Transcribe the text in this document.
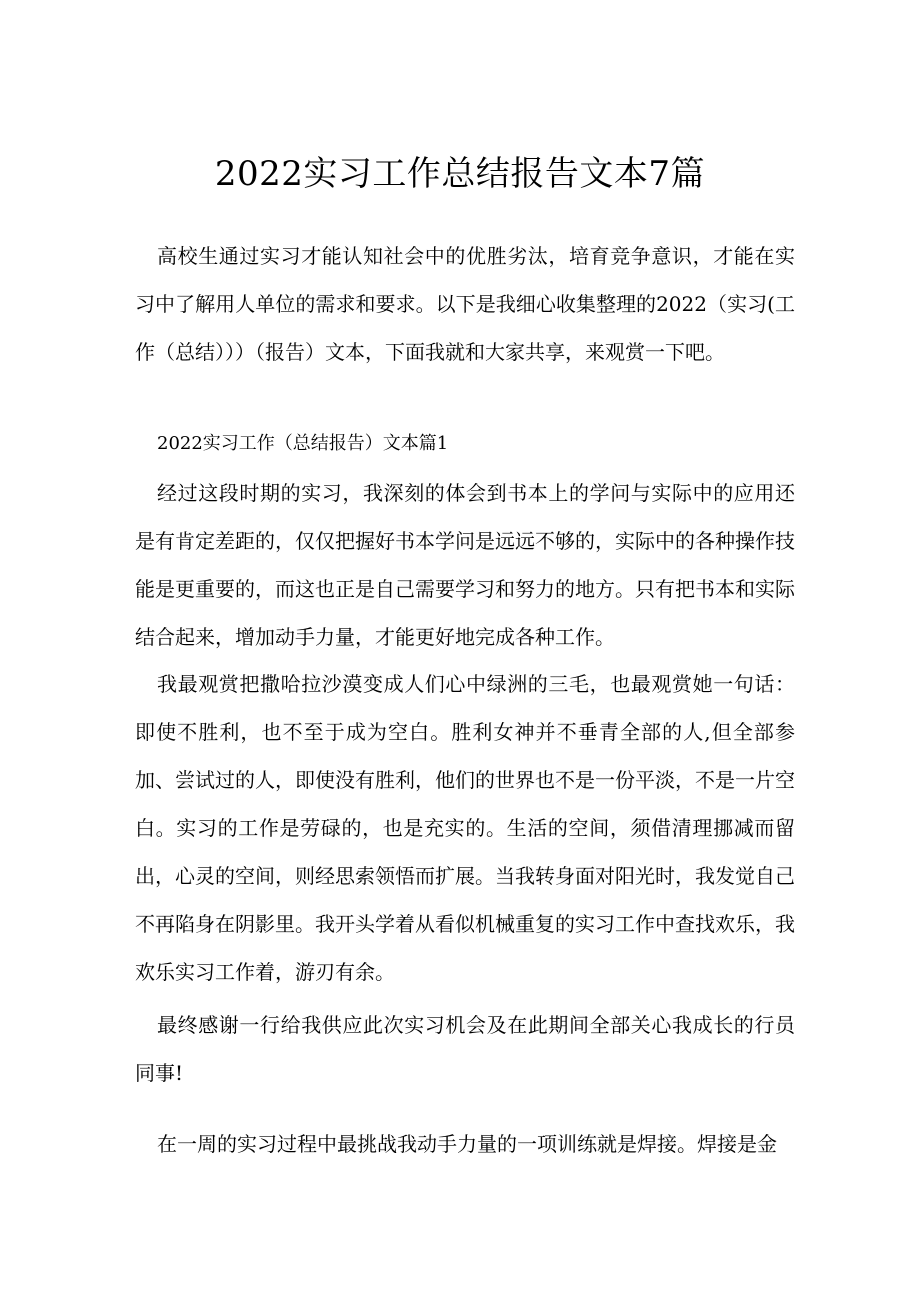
2022实习工作总结报告文本7篇

高校生通过实习才能认知社会中的优胜劣汰，培育竞争意识，才能在实习中了解用人单位的需求和要求。以下是我细心收集整理的2022（实习(工作（总结）））（报告）文本，下面我就和大家共享，来观赏一下吧。

2022实习工作（总结报告）文本篇1

经过这段时期的实习，我深刻的体会到书本上的学问与实际中的应用还是有肯定差距的，仅仅把握好书本学问是远远不够的，实际中的各种操作技能是更重要的，而这也正是自己需要学习和努力的地方。只有把书本和实际结合起来，增加动手力量，才能更好地完成各种工作。

我最观赏把撒哈拉沙漠变成人们心中绿洲的三毛，也最观赏她一句话：即使不胜利，也不至于成为空白。胜利女神并不垂青全部的人,但全部参加、尝试过的人，即使没有胜利，他们的世界也不是一份平淡，不是一片空白。实习的工作是劳碌的，也是充实的。生活的空间，须借清理挪减而留出，心灵的空间，则经思索领悟而扩展。当我转身面对阳光时，我发觉自己不再陷身在阴影里。我开头学着从看似机械重复的实习工作中查找欢乐，我欢乐实习工作着，游刃有余。

最终感谢一行给我供应此次实习机会及在此期间全部关心我成长的行员同事!

在一周的实习过程中最挑战我动手力量的一项训练就是焊接。焊接是金
